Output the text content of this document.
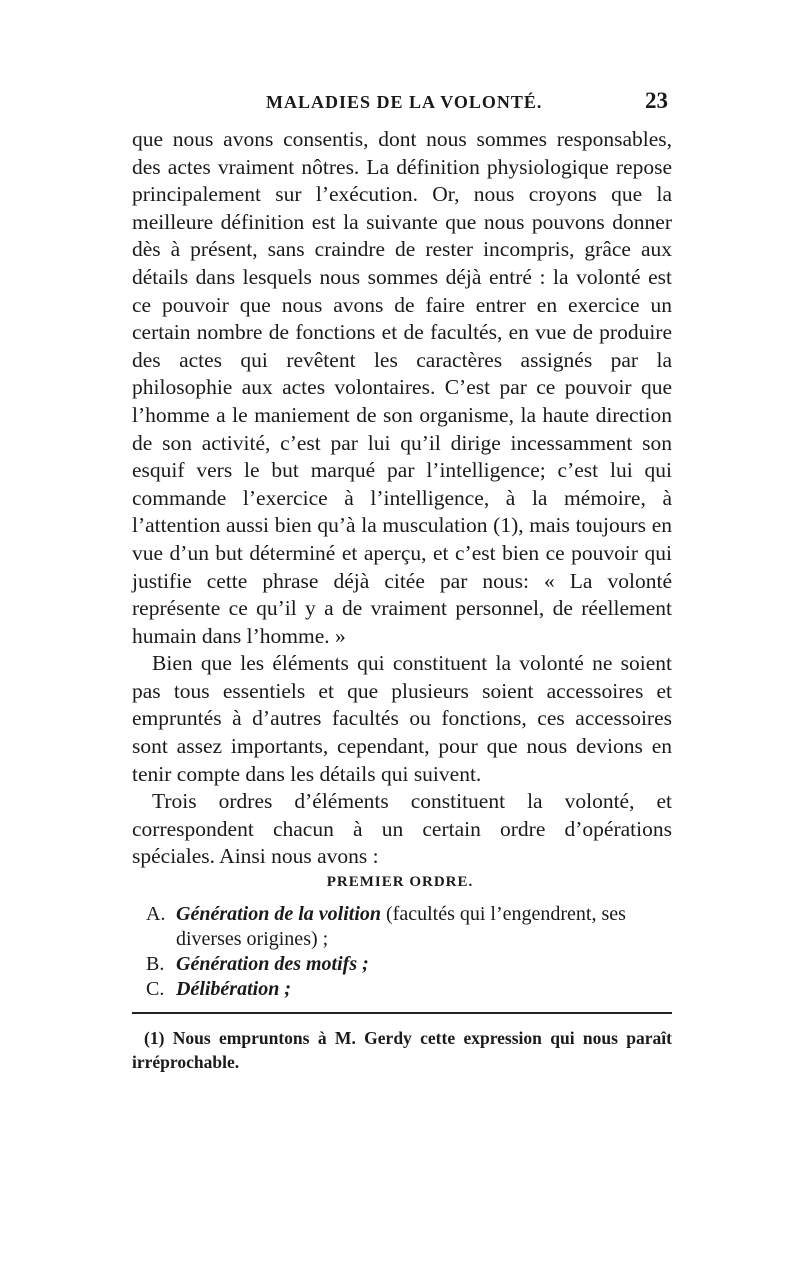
MALADIES DE LA VOLONTÉ.	23

que nous avons consentis, dont nous sommes responsables, des actes vraiment nôtres. La définition physiologique repose principalement sur l’exécution. Or, nous croyons que la meilleure définition est la suivante que nous pouvons donner dès à présent, sans craindre de rester incompris, grâce aux détails dans lesquels nous sommes déjà entré : la volonté est ce pouvoir que nous avons de faire entrer en exercice un certain nombre de fonctions et de facultés, en vue de produire des actes qui revêtent les caractères assignés par la philosophie aux actes volontaires. C’est par ce pouvoir que l’homme a le maniement de son organisme, la haute direction de son activité, c’est par lui qu’il dirige incessamment son esquif vers le but marqué par l’intelligence; c’est lui qui commande l’exercice à l’intelligence, à la mémoire, à l’attention aussi bien qu’à la musculation (1), mais toujours en vue d’un but déterminé et aperçu, et c’est bien ce pouvoir qui justifie cette phrase déjà citée par nous: « La volonté représente ce qu’il y a de vraiment personnel, de réellement humain dans l’homme. »

Bien que les éléments qui constituent la volonté ne soient pas tous essentiels et que plusieurs soient accessoires et empruntés à d’autres facultés ou fonctions, ces accessoires sont assez importants, cependant, pour que nous devions en tenir compte dans les détails qui suivent.

Trois ordres d’éléments constituent la volonté, et correspondent chacun à un certain ordre d’opérations spéciales. Ainsi nous avons :

PREMIER ORDRE.
A. Génération de la volition (facultés qui l’engendrent, ses diverses origines) ;
B. Génération des motifs ;
C. Délibération ;

(1) Nous empruntons à M. Gerdy cette expression qui nous paraît irréprochable.
